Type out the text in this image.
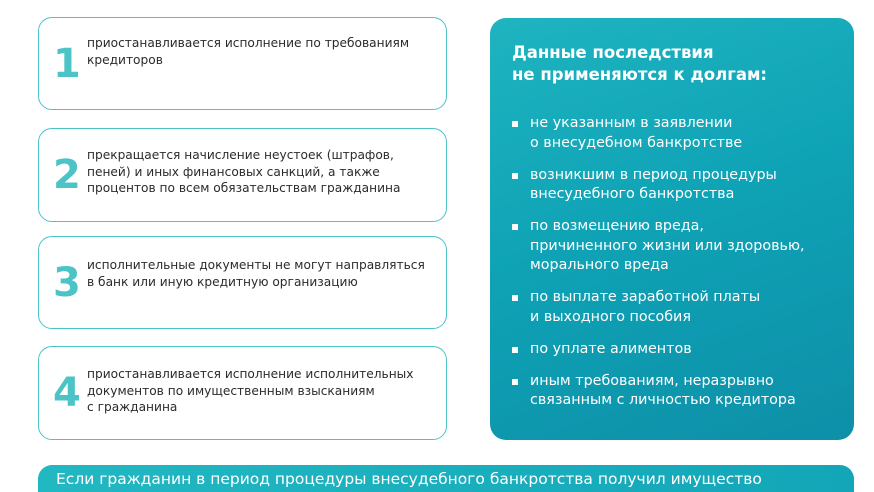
1 приостанавливается исполнение по требованиям
кредиторов
2 прекращается начисление неустоек (штрафов,
пеней) и иных финансовых санкций, а также
процентов по всем обязательствам гражданина
3 исполнительные документы не могут направляться
в банк или иную кредитную организацию
4 приостанавливается исполнение исполнительных
документов по имущественным взысканиям
с гражданина
Данные последствия
не применяются к долгам:
не указанным в заявлении
о внесудебном банкротстве
возникшим в период процедуры
внесудебного банкротства
по возмещению вреда,
причиненного жизни или здоровью,
морального вреда
по выплате заработной платы
и выходного пособия
по уплате алиментов
иным требованиям, неразрывно
связанным с личностью кредитора
Если гражданин в период процедуры внесудебного банкротства получил имущество
